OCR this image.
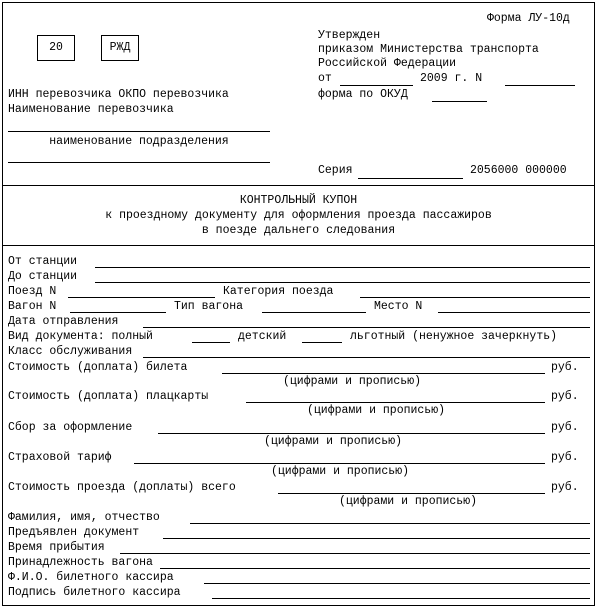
Форма ЛУ-10д
20	РЖД
Утвержден
приказом Министерства транспорта
Российской Федерации
от	2009 г. N
форма по ОКУД
ИНН перевозчика ОКПО перевозчика
Наименование перевозчика
наименование подразделения
Серия	2056000 000000
КОНТРОЛЬНЫЙ КУПОН
к проездному документу для оформления проезда пассажиров
в поезде дальнего следования
От станции
До станции
Поезд N	Категория поезда
Вагон N	Тип вагона	Место N
Дата отправления
Вид документа: полный	детский	льготный (ненужное зачеркнуть)
Класс обслуживания
Стоимость (доплата) билета	руб.
(цифрами и прописью)
Стоимость (доплата) плацкарты	руб.
(цифрами и прописью)
Сбор за оформление	руб.
(цифрами и прописью)
Страховой тариф	руб.
(цифрами и прописью)
Стоимость проезда (доплаты) всего	руб.
(цифрами и прописью)
Фамилия, имя, отчество
Предъявлен документ
Время прибытия
Принадлежность вагона
Ф.И.О. билетного кассира
Подпись билетного кассира
